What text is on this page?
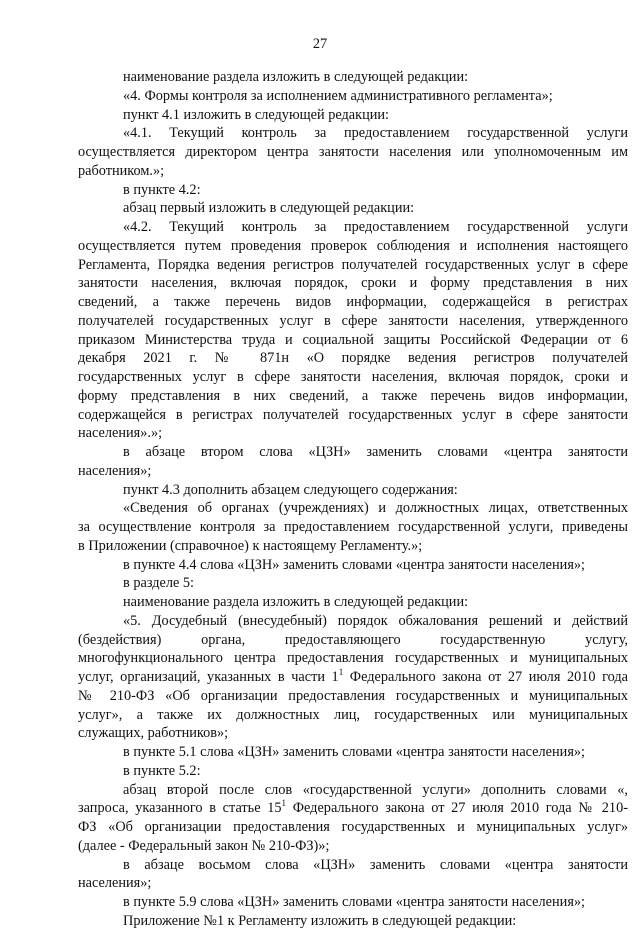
27

наименование раздела изложить в следующей редакции:

«4. Формы контроля за исполнением административного регламента»;

пункт 4.1 изложить в следующей редакции:

«4.1. Текущий контроль за предоставлением государственной услуги

осуществляется директором центра занятости населения или уполномоченным им
работником.»;

в пункте 4.2:

абзац первый изложить в следующей редакции:

«4.2. Текущий контроль за предоставлением государственной услуги

осуществляется путем проведения проверок соблюдения и исполнения настоящего
Регламента, Порядка ведения регистров получателей государственных услуг в сфере
занятости населения, включая порядок, сроки и форму представления в них
сведений, а также перечень видов информации, содержащейся в регистрах
получателей государственных услуг в сфере занятости населения, утвержденного
приказом Министерства труда и социальной защиты Российской Федерации от 6
декабря 2021 г. № 871н «О порядке ведения регистров получателей
государственных услуг в сфере занятости населения, включая порядок, сроки и
форму представления в них сведений, а также перечень видов информации,
содержащейся в регистрах получателей государственных услуг в сфере занятости
населения».»;

в абзаце втором слова «ЦЗН» заменить словами «центра занятости

населения»;

пункт 4.3 дополнить абзацем следующего содержания:

«Сведения об органах (учреждениях) и должностных лицах, ответственных

за осуществление контроля за предоставлением государственной услуги, приведены
в Приложении (справочное) к настоящему Регламенту.»;

в пункте 4.4 слова «ЦЗН» заменить словами «центра занятости населения»;

в разделе 5:

наименование раздела изложить в следующей редакции:

«5. Досудебный (внесудебный) порядок обжалования решений и действий

(бездействия) органа, предоставляющего государственную услугу,
многофункционального центра предоставления государственных и муниципальных
услуг, организаций, указанных в части $1^1$ Федерального закона от 27 июля 2010 года
№ 210-ФЗ «Об организации предоставления государственных и муниципальных
услуг», а также их должностных лиц, государственных или муниципальных
служащих, работников»;

в пункте 5.1 слова «ЦЗН» заменить словами «центра занятости населения»;

в пункте 5.2:

абзац второй после слов «государственной услуги» дополнить словами «,

запроса, указанного в статье $15^1$ Федерального закона от 27 июля 2010 года № 210-
ФЗ «Об организации предоставления государственных и муниципальных услуг»
(далее - Федеральный закон № 210-ФЗ)»;

в абзаце восьмом слова «ЦЗН» заменить словами «центра занятости

населения»;

в пункте 5.9 слова «ЦЗН» заменить словами «центра занятости населения»;

Приложение №1 к Регламенту изложить в следующей редакции:
